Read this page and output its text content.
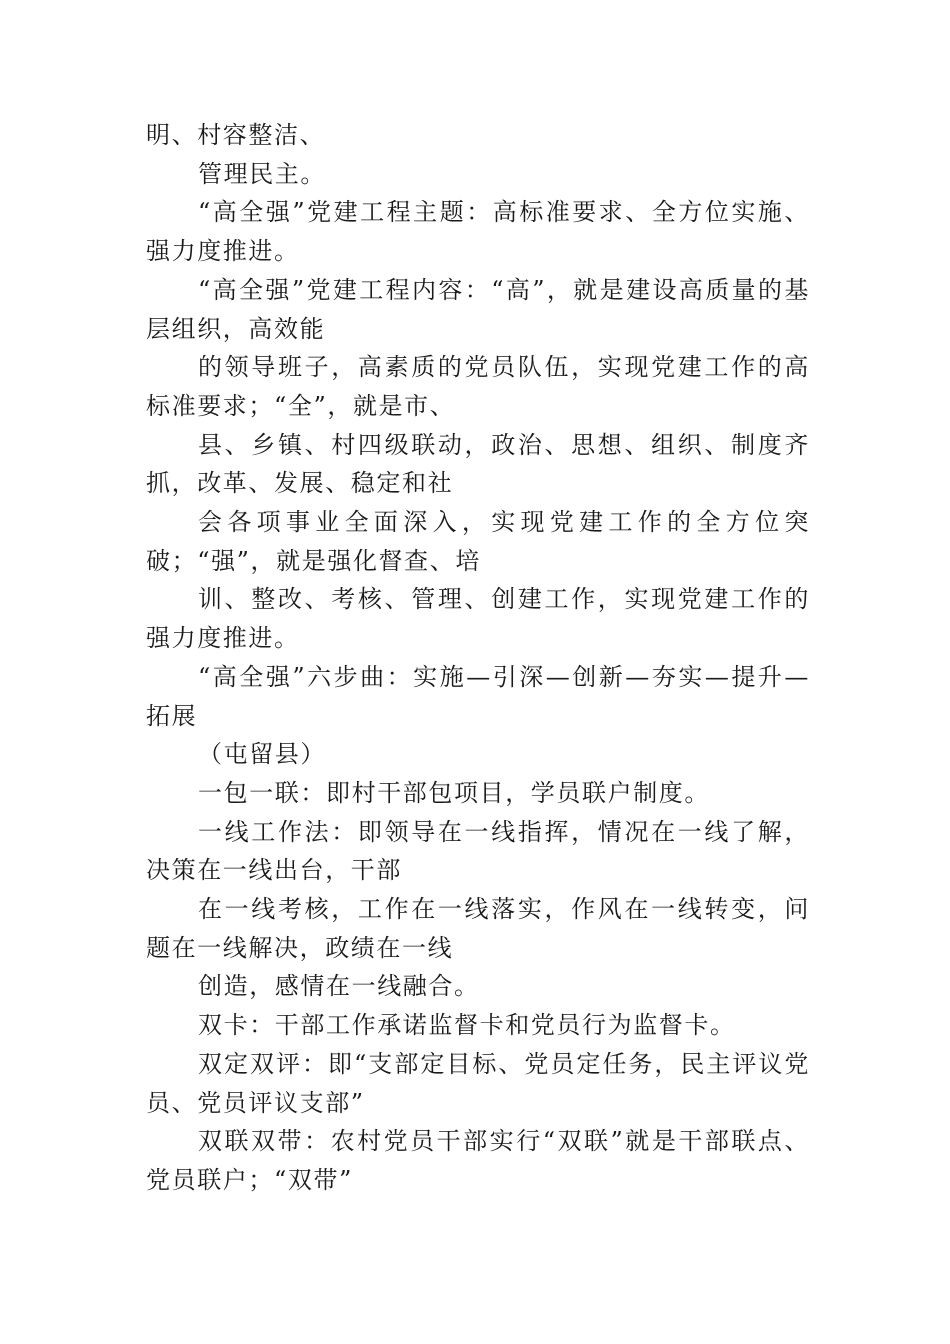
明、村容整洁、

管理民主。

“高全强”党建工程主题：高标准要求、全方位实施、强力度推进。

“高全强”党建工程内容：“高”，就是建设高质量的基层组织，高效能

的领导班子，高素质的党员队伍，实现党建工作的高标准要求；“全”，就是市、

县、乡镇、村四级联动，政治、思想、组织、制度齐抓，改革、发展、稳定和社

会各项事业全面深入，实现党建工作的全方位突破；“强”，就是强化督查、培

训、整改、考核、管理、创建工作，实现党建工作的强力度推进。

“高全强”六步曲：实施—引深—创新—夯实—提升—拓展

（屯留县）

一包一联：即村干部包项目，学员联户制度。

一线工作法：即领导在一线指挥，情况在一线了解，决策在一线出台，干部

在一线考核，工作在一线落实，作风在一线转变，问题在一线解决，政绩在一线

创造，感情在一线融合。

双卡：干部工作承诺监督卡和党员行为监督卡。

双定双评：即“支部定目标、党员定任务，民主评议党员、党员评议支部”

双联双带：农村党员干部实行“双联”就是干部联点、党员联户；“双带”
